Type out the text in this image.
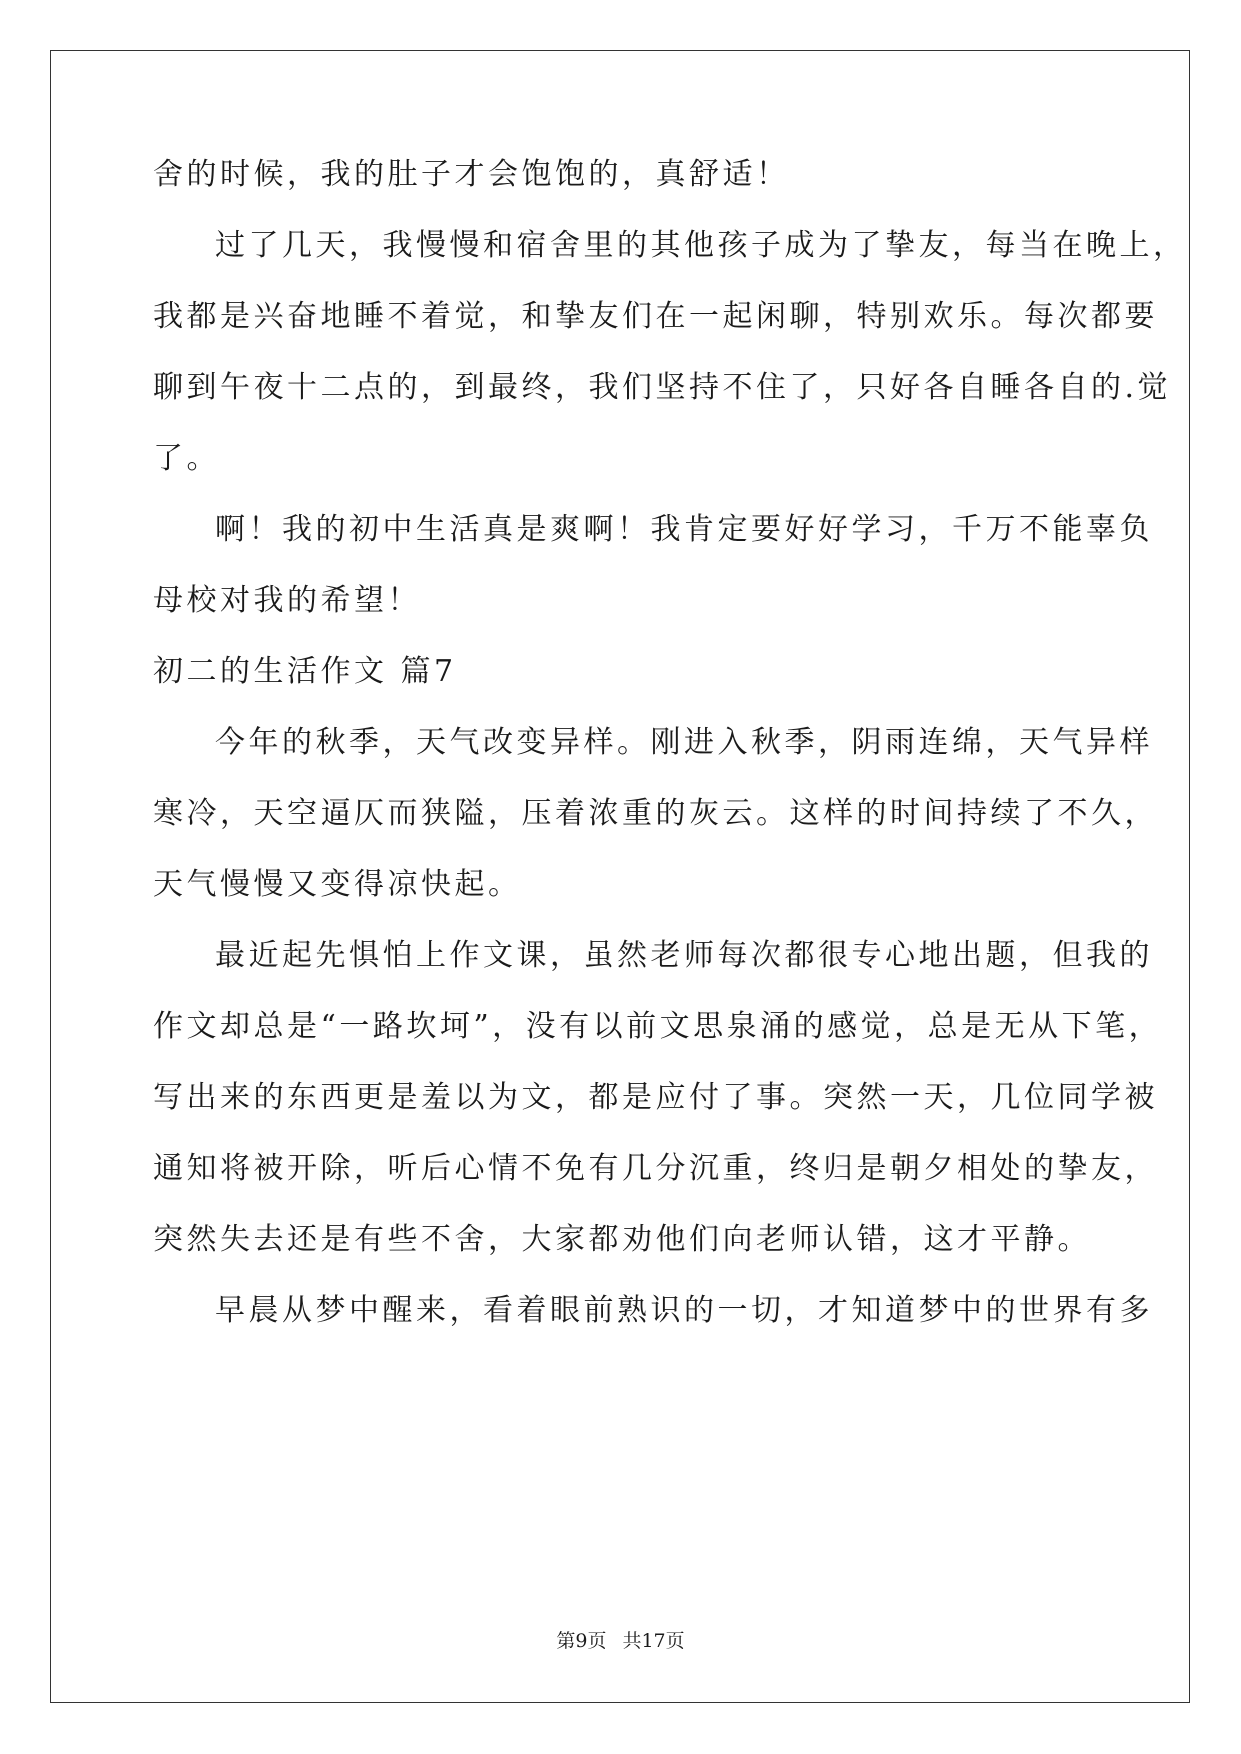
舍的时候，我的肚子才会饱饱的，真舒适！
过了几天，我慢慢和宿舍里的其他孩子成为了挚友，每当在晚上，
我都是兴奋地睡不着觉，和挚友们在一起闲聊，特别欢乐。每次都要
聊到午夜十二点的，到最终，我们坚持不住了，只好各自睡各自的.觉
了。
啊！我的初中生活真是爽啊！我肯定要好好学习，千万不能辜负
母校对我的希望！
初二的生活作文 篇7
今年的秋季，天气改变异样。刚进入秋季，阴雨连绵，天气异样
寒冷，天空逼仄而狭隘，压着浓重的灰云。这样的时间持续了不久，
天气慢慢又变得凉快起。
最近起先惧怕上作文课，虽然老师每次都很专心地出题，但我的
作文却总是“一路坎坷”，没有以前文思泉涌的感觉，总是无从下笔，
写出来的东西更是羞以为文，都是应付了事。突然一天，几位同学被
通知将被开除，听后心情不免有几分沉重，终归是朝夕相处的挚友，
突然失去还是有些不舍，大家都劝他们向老师认错，这才平静。
早晨从梦中醒来，看着眼前熟识的一切，才知道梦中的世界有多
第9页 共17页
